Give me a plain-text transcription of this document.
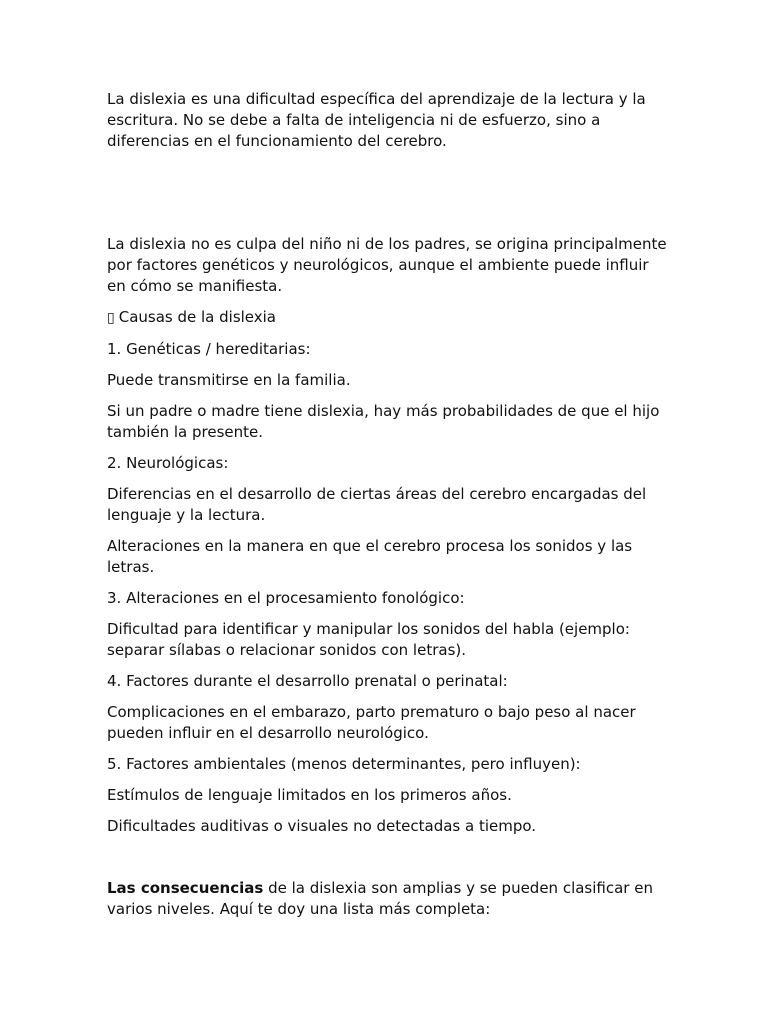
La dislexia es una dificultad específica del aprendizaje de la lectura y la escritura. No se debe a falta de inteligencia ni de esfuerzo, sino a diferencias en el funcionamiento del cerebro.

La dislexia no es culpa del niño ni de los padres, se origina principalmente por factores genéticos y neurológicos, aunque el ambiente puede influir en cómo se manifiesta.

▯ Causas de la dislexia

1. Genéticas / hereditarias:

Puede transmitirse en la familia.

Si un padre o madre tiene dislexia, hay más probabilidades de que el hijo también la presente.

2. Neurológicas:

Diferencias en el desarrollo de ciertas áreas del cerebro encargadas del lenguaje y la lectura.

Alteraciones en la manera en que el cerebro procesa los sonidos y las letras.

3. Alteraciones en el procesamiento fonológico:

Dificultad para identificar y manipular los sonidos del habla (ejemplo: separar sílabas o relacionar sonidos con letras).

4. Factores durante el desarrollo prenatal o perinatal:

Complicaciones en el embarazo, parto prematuro o bajo peso al nacer pueden influir en el desarrollo neurológico.

5. Factores ambientales (menos determinantes, pero influyen):

Estímulos de lenguaje limitados en los primeros años.

Dificultades auditivas o visuales no detectadas a tiempo.

Las consecuencias de la dislexia son amplias y se pueden clasificar en varios niveles. Aquí te doy una lista más completa:
